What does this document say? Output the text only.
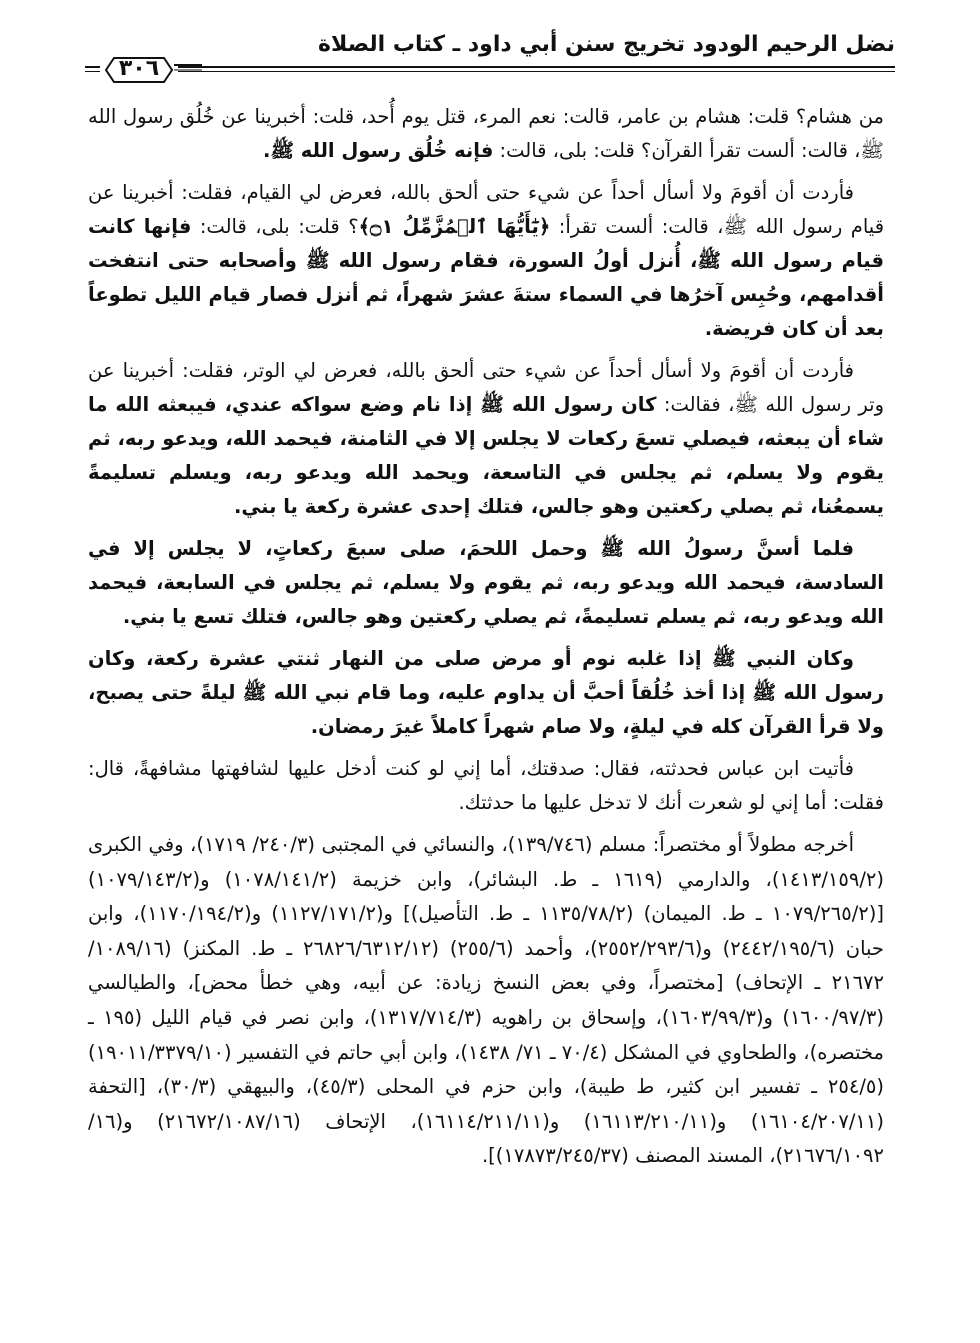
نضل الرحيم الودود تخريج سنن أبي داود ـ كتاب الصلاة
٣٠٦

من هشام؟ قلت: هشام بن عامر، قالت: نعم المرء، قتل يوم أُحد، قلت: أخبرينا عن خُلُق رسول الله ﷺ، قالت: ألست تقرأ القرآن؟ قلت: بلى، قالت: فإنه خُلُق رسول الله ﷺ.

فأردت أن أقومَ ولا أسأل أحداً عن شيء حتى ألحق بالله، فعرض لي القيام، فقلت: أخبرينا عن قيام رسول الله ﷺ، قالت: ألست تقرأ: ﴿يَٰٓأَيُّهَا ٱلۡمُزَّمِّلُ ۝١﴾؟ قلت: بلى، قالت: فإنها كانت قيام رسول الله ﷺ، أُنزل أولُ السورة، فقام رسول الله ﷺ وأصحابه حتى انتفخت أقدامهم، وحُبِس آخرُها في السماء ستةَ عشرَ شهراً، ثم أنزل فصار قيام الليل تطوعاً بعد أن كان فريضة.

فأردت أن أقومَ ولا أسأل أحداً عن شيء حتى ألحق بالله، فعرض لي الوتر، فقلت: أخبرينا عن وتر رسول الله ﷺ، فقالت: كان رسول الله ﷺ إذا نام وضع سواكه عندي، فيبعثه الله ما شاء أن يبعثه، فيصلي تسعَ ركعات لا يجلس إلا في الثامنة، فيحمد الله، ويدعو ربه، ثم يقوم ولا يسلم، ثم يجلس في التاسعة، ويحمد الله ويدعو ربه، ويسلم تسليمةً يسمعُنا، ثم يصلي ركعتين وهو جالس، فتلك إحدى عشرة ركعة يا بني.

فلما أسنَّ رسولُ الله ﷺ وحمل اللحمَ، صلى سبعَ ركعاتٍ، لا يجلس إلا في السادسة، فيحمد الله ويدعو ربه، ثم يقوم ولا يسلم، ثم يجلس في السابعة، فيحمد الله ويدعو ربه، ثم يسلم تسليمةً، ثم يصلي ركعتين وهو جالس، فتلك تسع يا بني.

وكان النبي ﷺ إذا غلبه نوم أو مرض صلى من النهار ثنتي عشرة ركعة، وكان رسول الله ﷺ إذا أخذ خُلُقاً أحبَّ أن يداوم عليه، وما قام نبي الله ﷺ ليلةً حتى يصبح، ولا قرأ القرآن كله في ليلةٍ، ولا صام شهراً كاملاً غيرَ رمضان.

فأتيت ابن عباس فحدثته، فقال: صدقتك، أما إني لو كنت أدخل عليها لشافهتها مشافهةً، قال: فقلت: أما إني لو شعرت أنك لا تدخل عليها ما حدثتك.

أخرجه مطولاً أو مختصراً: مسلم (١٣٩/٧٤٦)، والنسائي في المجتبى (٢٤٠/٣/ ١٧١٩)، وفي الكبرى (١٤١٣/١٥٩/٢)، والدارمي (١٦١٩ ـ ط. البشائر)، وابن خزيمة (١٠٧٨/١٤١/٢) و(١٠٧٩/١٤٣/٢) [(١٠٧٩/٢٦٥/٢ ـ ط. الميمان) (١١٣٥/٧٨/٢ ـ ط. التأصيل)] و(١١٢٧/١٧١/٢) و(١١٧٠/١٩٤/٢)، وابن حبان (٢٤٤٢/١٩٥/٦) و(٢٥٥٢/٢٩٣/٦)، وأحمد (٢٥٥/٦) (٢٦٨٢٦/٦٣١٢/١٢ ـ ط. المكنز) (١٠٨٩/١٦/ ٢١٦٧٢ ـ الإتحاف) [مختصراً، وفي بعض النسخ زيادة: عن أبيه، وهي خطأ محض]، والطيالسي (١٦٠٠/٩٧/٣) و(١٦٠٣/٩٩/٣)، وإسحاق بن راهويه (١٣١٧/٧١٤/٣)، وابن نصر في قيام الليل (١٩٥ ـ مختصره)، والطحاوي في المشكل (٧٠/٤ ـ ٧١/ ١٤٣٨)، وابن أبي حاتم في التفسير (١٩٠١١/٣٣٧٩/١٠) (٢٥٤/٥ ـ تفسير ابن كثير، ط طيبة)، وابن حزم في المحلى (٤٥/٣)، والبيهقي (٣٠/٣)، [التحفة (١٦١٠٤/٢٠٧/١١) و(١٦١١٣/٢١٠/١١) و(١٦١١٤/٢١١/١١)، الإتحاف (٢١٦٧٢/١٠٨٧/١٦) و(١٦/ ٢١٦٧٦/١٠٩٢)، المسند المصنف (١٧٨٧٣/٢٤٥/٣٧)].
